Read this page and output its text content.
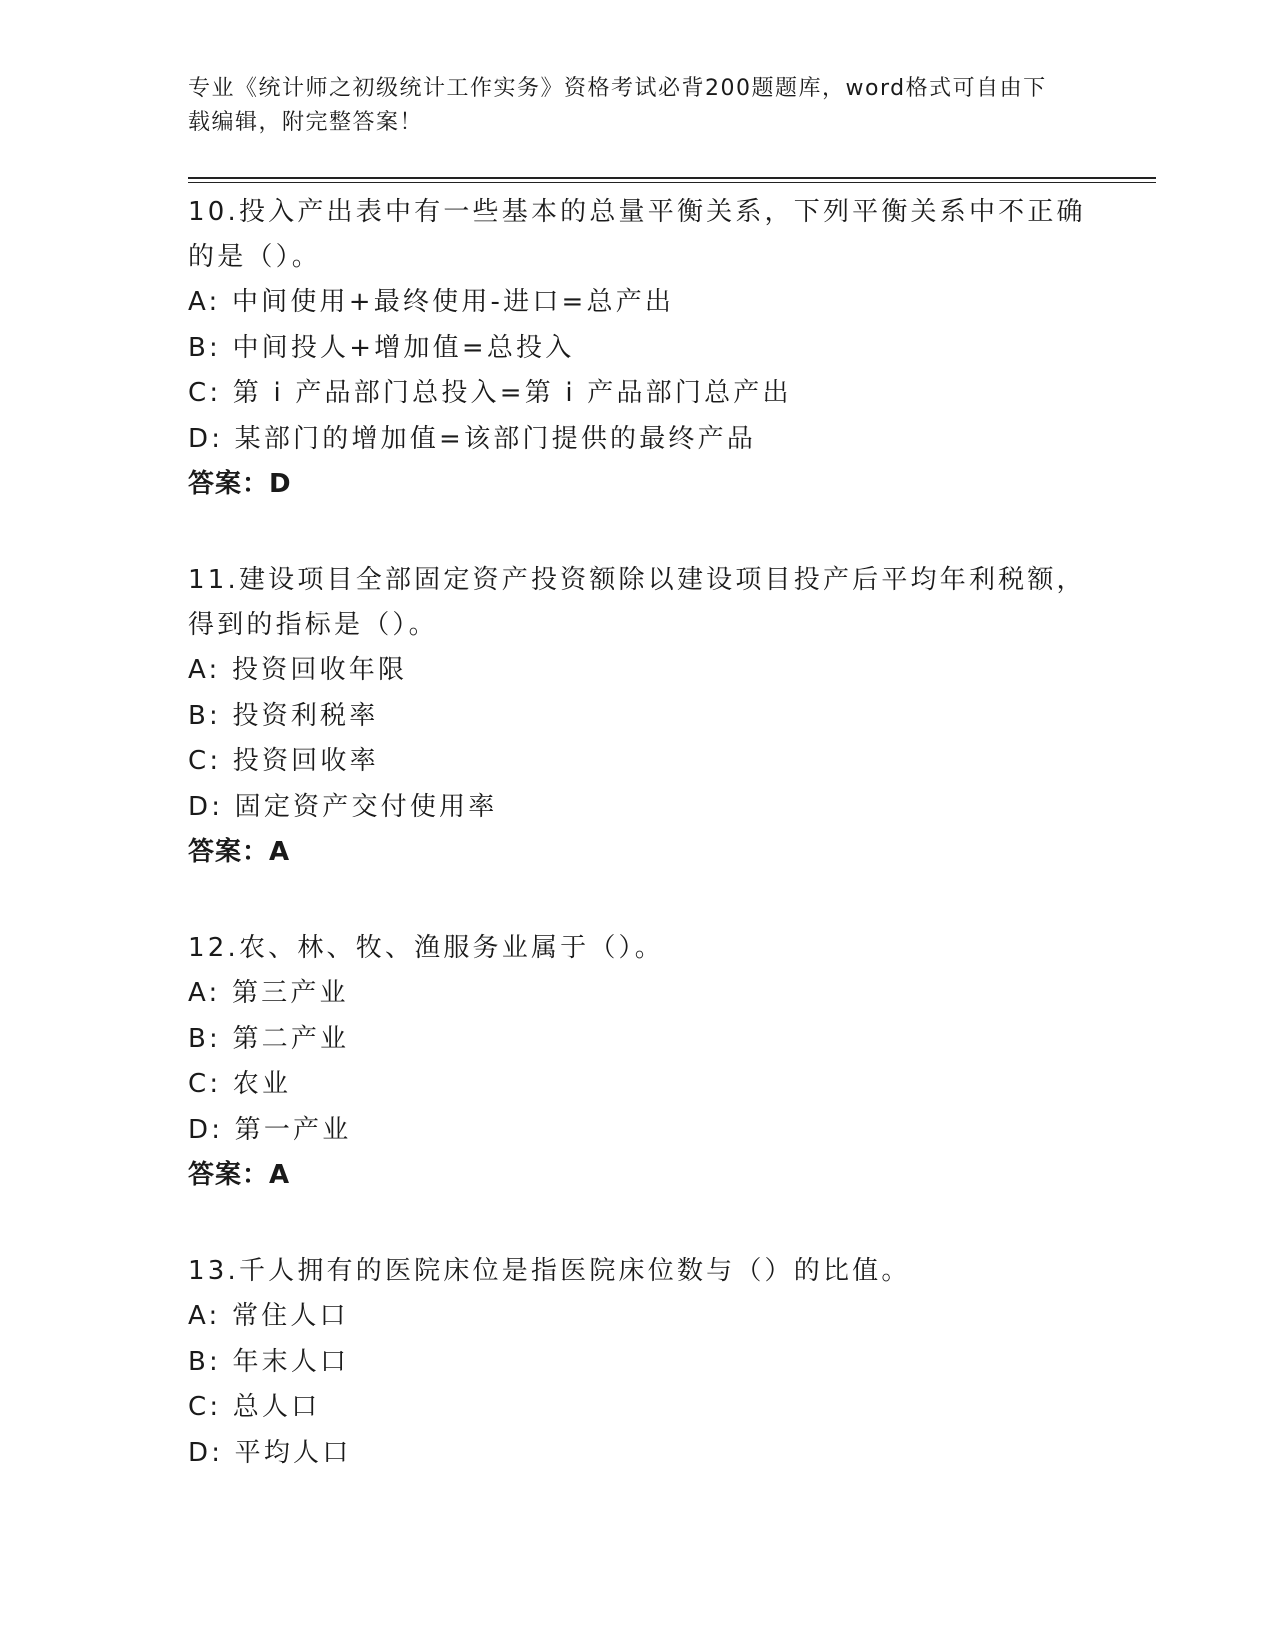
专业《统计师之初级统计工作实务》资格考试必背200题题库，word格式可自由下载编辑，附完整答案！
10.投入产出表中有一些基本的总量平衡关系，下列平衡关系中不正确的是（）。
A: 中间使用+最终使用-进口=总产出
B: 中间投人+增加值=总投入
C: 第 i 产品部门总投入=第 i 产品部门总产出
D: 某部门的增加值=该部门提供的最终产品
答案：D
11.建设项目全部固定资产投资额除以建设项目投产后平均年利税额，得到的指标是（）。
A: 投资回收年限
B: 投资利税率
C: 投资回收率
D: 固定资产交付使用率
答案：A
12.农、林、牧、渔服务业属于（）。
A: 第三产业
B: 第二产业
C: 农业
D: 第一产业
答案：A
13.千人拥有的医院床位是指医院床位数与（）的比值。
A: 常住人口
B: 年末人口
C: 总人口
D: 平均人口
